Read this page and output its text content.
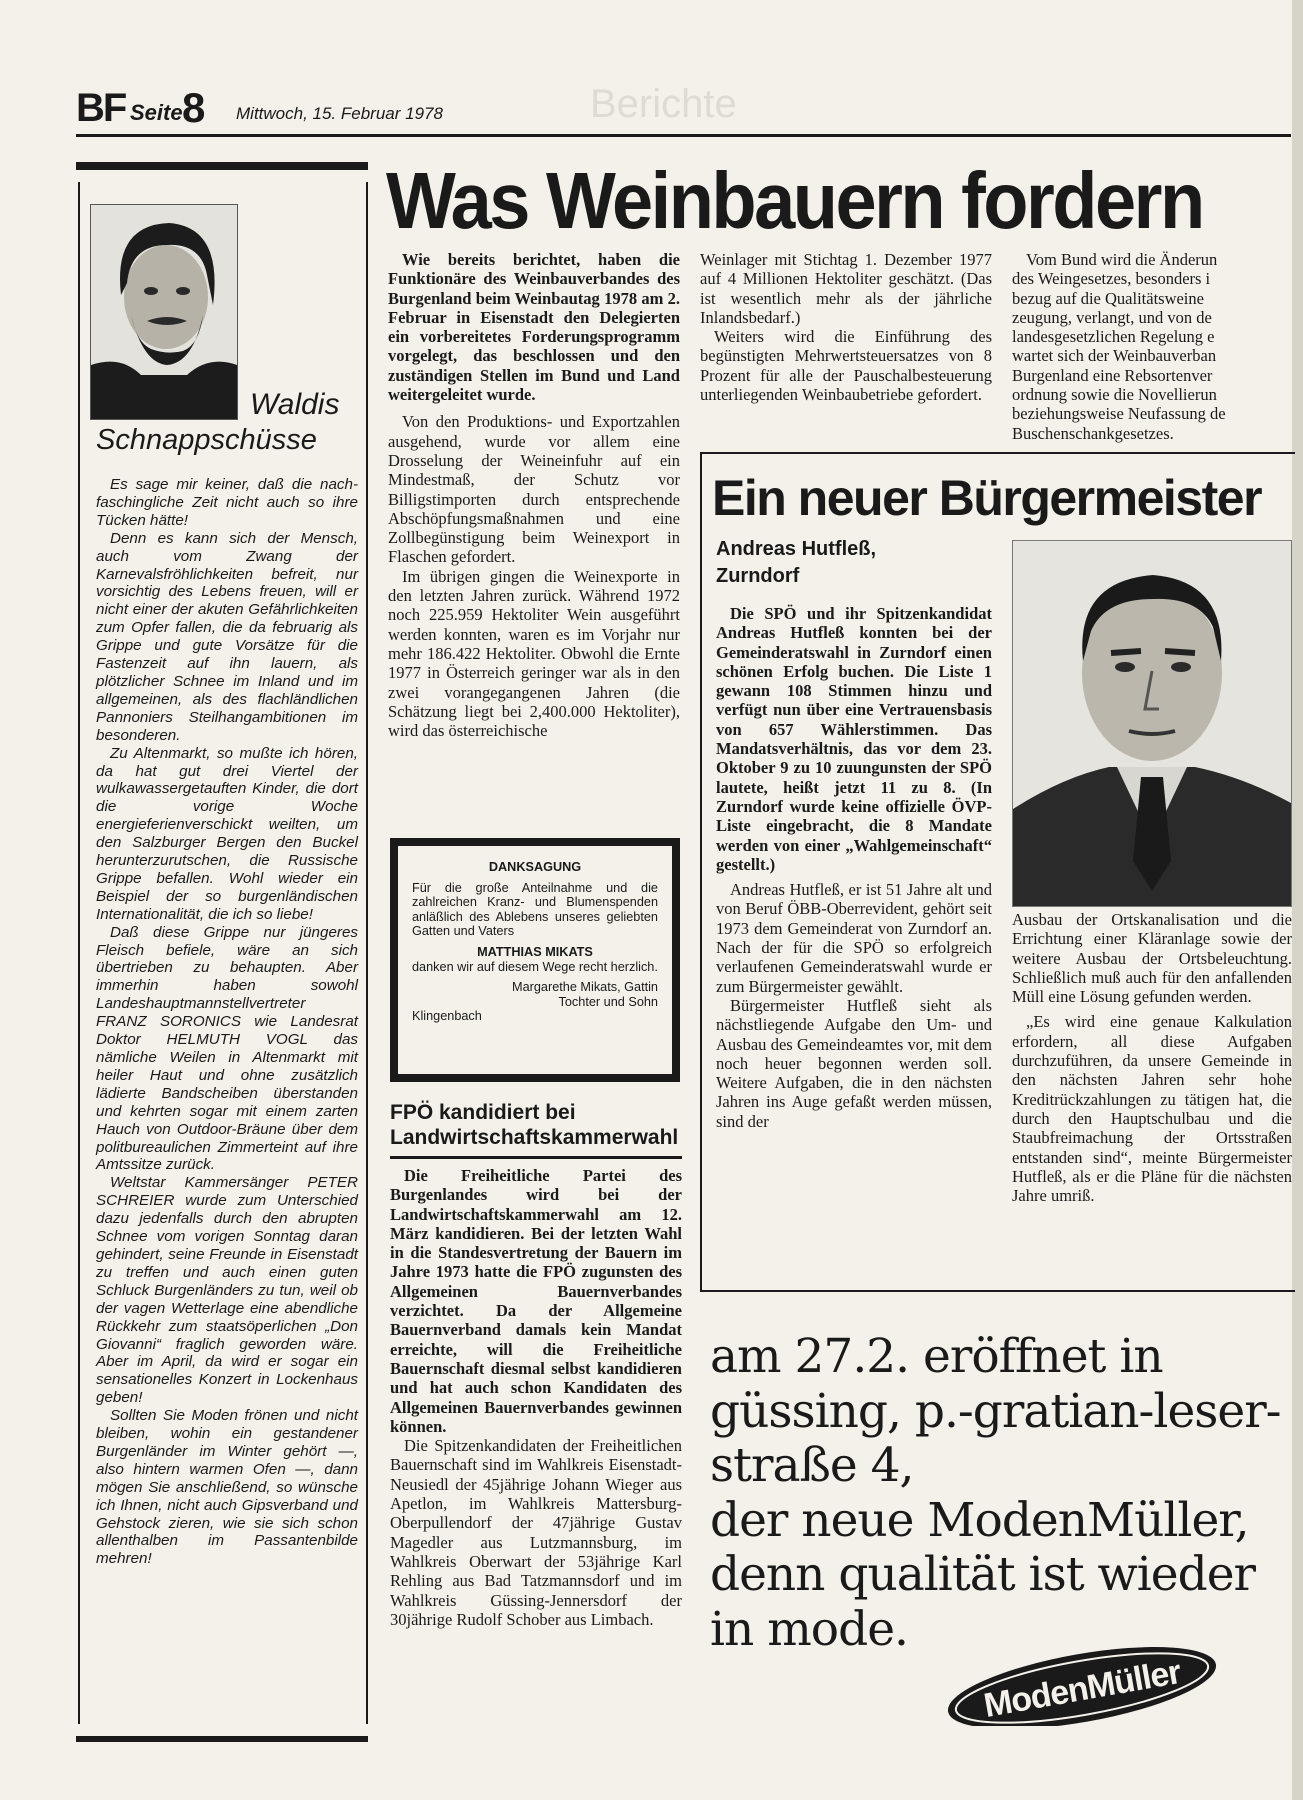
BF Seite 8 Mittwoch, 15. Februar 1978	Berichte
Waldis
Schnappschüsse

Es sage mir keiner, daß die nach-faschingliche Zeit nicht auch so ihre Tücken hätte!

Denn es kann sich der Mensch, auch vom Zwang der Karnevalsfröhlichkeiten befreit, nur vorsichtig des Lebens freuen, will er nicht einer der akuten Gefährlichkeiten zum Opfer fallen, die da februarig als Grippe und gute Vorsätze für die Fastenzeit auf ihn lauern, als plötzlicher Schnee im Inland und im allgemeinen, als des flachländlichen Pannoniers Steilhangambitionen im besonderen.

Zu Altenmarkt, so mußte ich hören, da hat gut drei Viertel der wulkawassergetauften Kinder, die dort die vorige Woche energieferienverschickt weilten, um den Salzburger Bergen den Buckel herunterzurutschen, die Russische Grippe befallen. Wohl wieder ein Beispiel der so burgenländischen Internationalität, die ich so liebe!

Daß diese Grippe nur jüngeres Fleisch befiele, wäre an sich übertrieben zu behaupten. Aber immerhin haben sowohl Landeshauptmannstellvertreter FRANZ SORONICS wie Landesrat Doktor HELMUTH VOGL das nämliche Weilen in Altenmarkt mit heiler Haut und ohne zusätzlich lädierte Bandscheiben überstanden und kehrten sogar mit einem zarten Hauch von Outdoor-Bräune über dem politbureaulichen Zimmerteint auf ihre Amtssitze zurück.

Weltstar Kammersänger PETER SCHREIER wurde zum Unterschied dazu jedenfalls durch den abrupten Schnee vom vorigen Sonntag daran gehindert, seine Freunde in Eisenstadt zu treffen und auch einen guten Schluck Burgenländers zu tun, weil ob der vagen Wetterlage eine abendliche Rückkehr zum staatsöperlichen „Don Giovanni“ fraglich geworden wäre. Aber im April, da wird er sogar ein sensationelles Konzert in Lockenhaus geben!

Sollten Sie Moden frönen und nicht bleiben, wohin ein gestandener Burgenländer im Winter gehört —, also hintern warmen Ofen —, dann mögen Sie anschließend, so wünsche ich Ihnen, nicht auch Gipsverband und Gehstock zieren, wie sie sich schon allenthalben im Passantenbilde mehren!

Was Weinbauern fordern

Wie bereits berichtet, haben die Funktionäre des Weinbauverbandes des Burgenland beim Weinbautag 1978 am 2. Februar in Eisenstadt den Delegierten ein vorbereitetes Forderungsprogramm vorgelegt, das beschlossen und den zuständigen Stellen im Bund und Land weitergeleitet wurde.

Von den Produktions- und Exportzahlen ausgehend, wurde vor allem eine Drosselung der Weineinfuhr auf ein Mindestmaß, der Schutz vor Billigstimporten durch entsprechende Abschöpfungsmaßnahmen und eine Zollbegünstigung beim Weinexport in Flaschen gefordert.

Im übrigen gingen die Weinexporte in den letzten Jahren zurück. Während 1972 noch 225.959 Hektoliter Wein ausgeführt werden konnten, waren es im Vorjahr nur mehr 186.422 Hektoliter. Obwohl die Ernte 1977 in Österreich geringer war als in den zwei vorangegangenen Jahren (die Schätzung liegt bei 2,400.000 Hektoliter), wird das österreichische

Weinlager mit Stichtag 1. Dezember 1977 auf 4 Millionen Hektoliter geschätzt. (Das ist wesentlich mehr als der jährliche Inlandsbedarf.)

Weiters wird die Einführung des begünstigten Mehrwertsteuersatzes von 8 Prozent für alle der Pauschalbesteuerung unterliegenden Weinbaubetriebe gefordert.

Vom Bund wird die Änderun

des Weingesetzes, besonders i

bezug auf die Qualitätsweine

zeugung, verlangt, und von de

landesgesetzlichen Regelung e

wartet sich der Weinbauverban

Burgenland eine Rebsortenver

ordnung sowie die Novellierun

beziehungsweise Neufassung de

Buschenschankgesetzes.

DANKSAGUNG
Für die große Anteilnahme und die zahlreichen Kranz- und Blumenspenden anläßlich des Ablebens unseres geliebten Gatten und Vaters
MATTHIAS MIKATS
danken wir auf diesem Wege recht herzlich.
Margarethe Mikats, Gattin
Tochter und Sohn
Klingenbach
FPÖ kandidiert bei Landwirtschaftskammerwahl

Die Freiheitliche Partei des Burgenlandes wird bei der Landwirtschaftskammerwahl am 12. März kandidieren. Bei der letzten Wahl in die Standesvertretung der Bauern im Jahre 1973 hatte die FPÖ zugunsten des Allgemeinen Bauernverbandes verzichtet. Da der Allgemeine Bauernverband damals kein Mandat erreichte, will die Freiheitliche Bauernschaft diesmal selbst kandidieren und hat auch schon Kandidaten des Allgemeinen Bauernverbandes gewinnen können.

Die Spitzenkandidaten der Freiheitlichen Bauernschaft sind im Wahlkreis Eisenstadt-Neusiedl der 45jährige Johann Wieger aus Apetlon, im Wahlkreis Mattersburg-Oberpullendorf der 47jährige Gustav Magedler aus Lutzmannsburg, im Wahlkreis Oberwart der 53jährige Karl Rehling aus Bad Tatzmannsdorf und im Wahlkreis Güssing-Jennersdorf der 30jährige Rudolf Schober aus Limbach.

Ein neuer Bürgermeister
Andreas Hutfleß,
Zurndorf

Die SPÖ und ihr Spitzenkandidat Andreas Hutfleß konnten bei der Gemeinderatswahl in Zurndorf einen schönen Erfolg buchen. Die Liste 1 gewann 108 Stimmen hinzu und verfügt nun über eine Vertrauensbasis von 657 Wählerstimmen. Das Mandatsverhältnis, das vor dem 23. Oktober 9 zu 10 zuungunsten der SPÖ lautete, heißt jetzt 11 zu 8. (In Zurndorf wurde keine offizielle ÖVP-Liste eingebracht, die 8 Mandate werden von einer „Wahlgemeinschaft“ gestellt.)

Andreas Hutfleß, er ist 51 Jahre alt und von Beruf ÖBB-Oberrevident, gehört seit 1973 dem Gemeinderat von Zurndorf an. Nach der für die SPÖ so erfolgreich verlaufenen Gemeinderatswahl wurde er zum Bürgermeister gewählt.

Bürgermeister Hutfleß sieht als nächstliegende Aufgabe den Um- und Ausbau des Gemeindeamtes vor, mit dem noch heuer begonnen werden soll. Weitere Aufgaben, die in den nächsten Jahren ins Auge gefaßt werden müssen, sind der

Ausbau der Ortskanalisation und die Errichtung einer Kläranlage sowie der weitere Ausbau der Ortsbeleuchtung. Schließlich muß auch für den anfallenden Müll eine Lösung gefunden werden.

„Es wird eine genaue Kalkulation erfordern, all diese Aufgaben durchzuführen, da unsere Gemeinde in den nächsten Jahren sehr hohe Kreditrückzahlungen zu tätigen hat, die durch den Hauptschulbau und die Staubfreimachung der Ortsstraßen entstanden sind“, meinte Bürgermeister Hutfleß, als er die Pläne für die nächsten Jahre umriß.

am 27.2. eröffnet in
güssing, p.-gratian-leser-
straße 4,
der neue ModenMüller,
denn qualität ist wieder
in mode.
ModenMüller
